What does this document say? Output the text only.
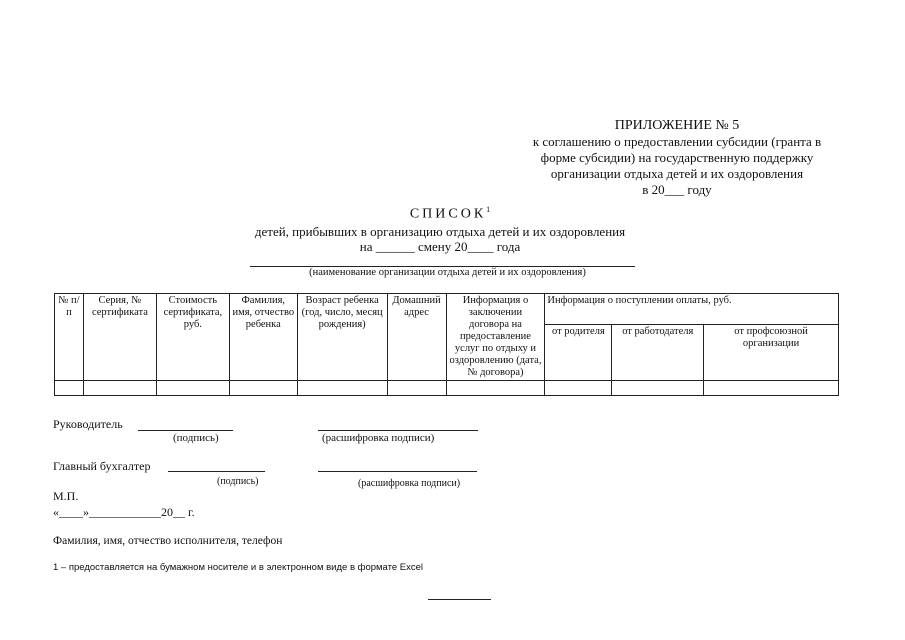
ПРИЛОЖЕНИЕ № 5
к соглашению о предоставлении субсидии (гранта в
форме субсидии) на государственную поддержку
организации отдыха детей и их оздоровления
в 20___ году
СПИСОК$^1$
детей, прибывших в организацию отдыха детей и их оздоровления
на ______ смену 20____ года
(наименование организации отдыха детей и их оздоровления)
№ п/п	Серия, № сертификата	Стоимость сертификата, руб.	Фамилия, имя, отчество ребенка	Возраст ребенка (год, число, месяц рождения)	Домашний адрес	Информация о заключении договора на предоставление услуг по отдыху и оздоровлению (дата, № договора)	Информация о поступлении оплаты, руб.		
							от родителя	от работодателя	от профсоюзной организации

Руководитель
(подпись)	(расшифровка подписи)
Главный бухгалтер
(подпись)	(расшифровка подписи)
М.П.
«____»____________20__ г.
Фамилия, имя, отчество исполнителя, телефон
1 – предоставляется на бумажном носителе и в электронном виде в формате Excel
